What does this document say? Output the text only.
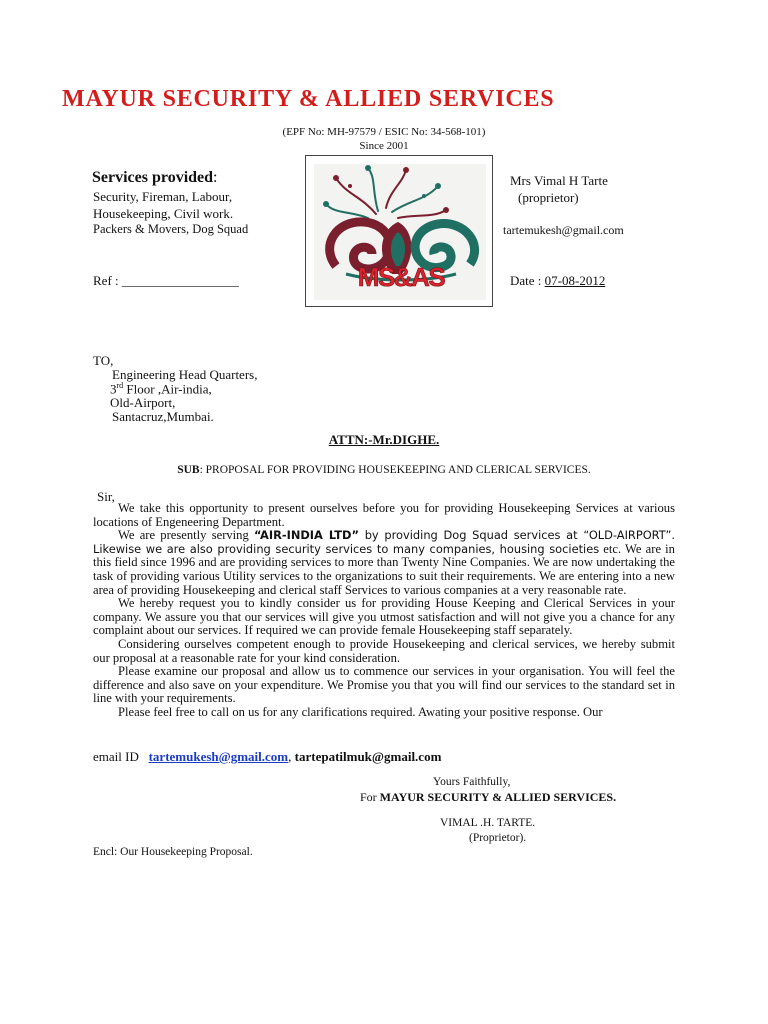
MAYUR SECURITY & ALLIED SERVICES
(EPF No: MH-97579 / ESIC No: 34-568-101)
Since 2001
Services provided:
Security, Fireman, Labour,
Housekeeping, Civil work.
Packers & Movers, Dog Squad
MS&AS
Mrs Vimal H Tarte
(proprietor)
tartemukesh@gmail.com
Ref : __________________	Date : 07-08-2012
TO,
Engineering Head Quarters,
3rd Floor ,Air-india,
Old-Airport,
Santacruz,Mumbai.
ATTN:-Mr.DIGHE.
SUB: PROPOSAL FOR PROVIDING HOUSEKEEPING AND CLERICAL SERVICES.
Sir,

We take this opportunity to present ourselves before you for providing Housekeeping Services at various locations of Engeneering Department.

We are presently serving “AIR-INDIA LTD” by providing Dog Squad services at “OLD-AIRPORT”. Likewise we are also providing security services to many companies, housing societies etc. We are in this field since 1996 and are providing services to more than Twenty Nine Companies. We are now undertaking the task of providing various Utility services to the organizations to suit their requirements. We are entering into a new area of providing Housekeeping and clerical staff Services to various companies at a very reasonable rate.

We hereby request you to kindly consider us for providing House Keeping and Clerical Services in your company. We assure you that our services will give you utmost satisfaction and will not give you a chance for any complaint about our services. If required we can provide female Housekeeping staff separately.

Considering ourselves competent enough to provide Housekeeping and clerical services, we hereby submit our proposal at a reasonable rate for your kind consideration.

Please examine our proposal and allow us to commence our services in your organisation. You will feel the difference and also save on your expenditure. We Promise you that you will find our services to the standard set in line with your requirements.

Please feel free to call on us for any clarifications required. Awating your positive response. Our

email ID tartemukesh@gmail.com, tartepatilmuk@gmail.com
Yours Faithfully,
For MAYUR SECURITY & ALLIED SERVICES.
VIMAL .H. TARTE.
(Proprietor).
Encl: Our Housekeeping Proposal.
